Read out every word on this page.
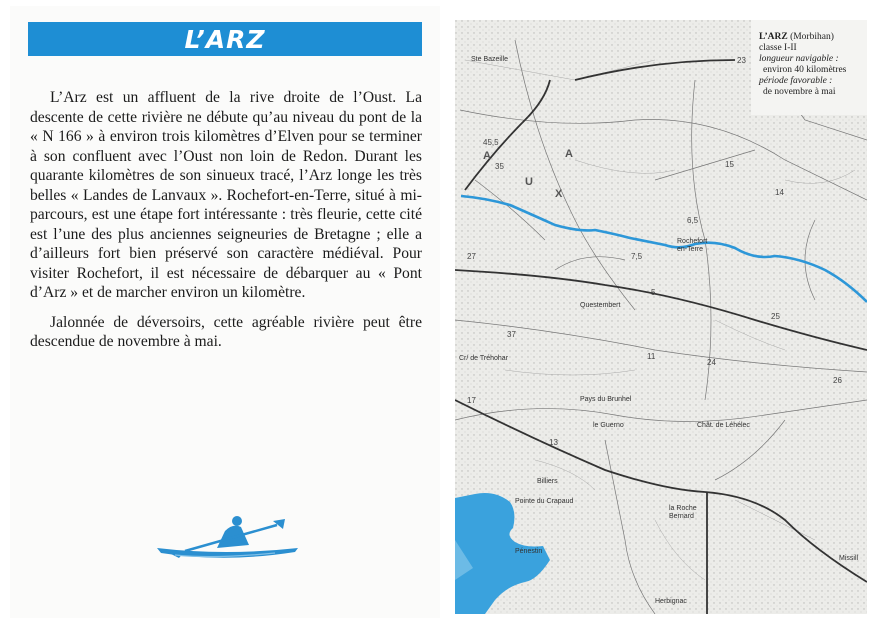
L’ARZ

L’Arz est un affluent de la rive droite de l’Oust. La descente de cette rivière ne débute qu’au niveau du pont de la « N 166 » à environ trois kilomètres d’Elven pour se terminer à son confluent avec l’Oust non loin de Redon. Durant les quarante kilomètres de son sinueux tracé, l’Arz longe les très belles « Landes de Lanvaux ». Rochefort-en-Terre, situé à mi-parcours, est une étape fort intéressante : très fleurie, cette cité est l’une des plus anciennes seigneuries de Bretagne ; elle a d’ailleurs fort bien préservé son caractère médiéval. Pour visiter Rochefort, il est nécessaire de débarquer au « Pont d’Arz » et de marcher environ un kilomètre.

Jalonnée de déversoirs, cette agréable rivière peut être descendue de novembre à mai.

L’ARZ (Morbihan)
classe I-II
longueur navigable :
environ 40 kilomètres
période favorable :
de novembre à mai
Rochefort
en-Terre
Questembert
la Roche
Bernard
Billiers
Pénestin
Herbignac
Cr/ de Tréhohar
le Guerno
Ste Bazeille
Chât. de Léhélec
Pointe du Crapaud
Pays du Brunhel
Missill
A
U
X
A
45,5
35
27
6,5
7,5
25
14
17
13
23
15
26
5
11
37
24
